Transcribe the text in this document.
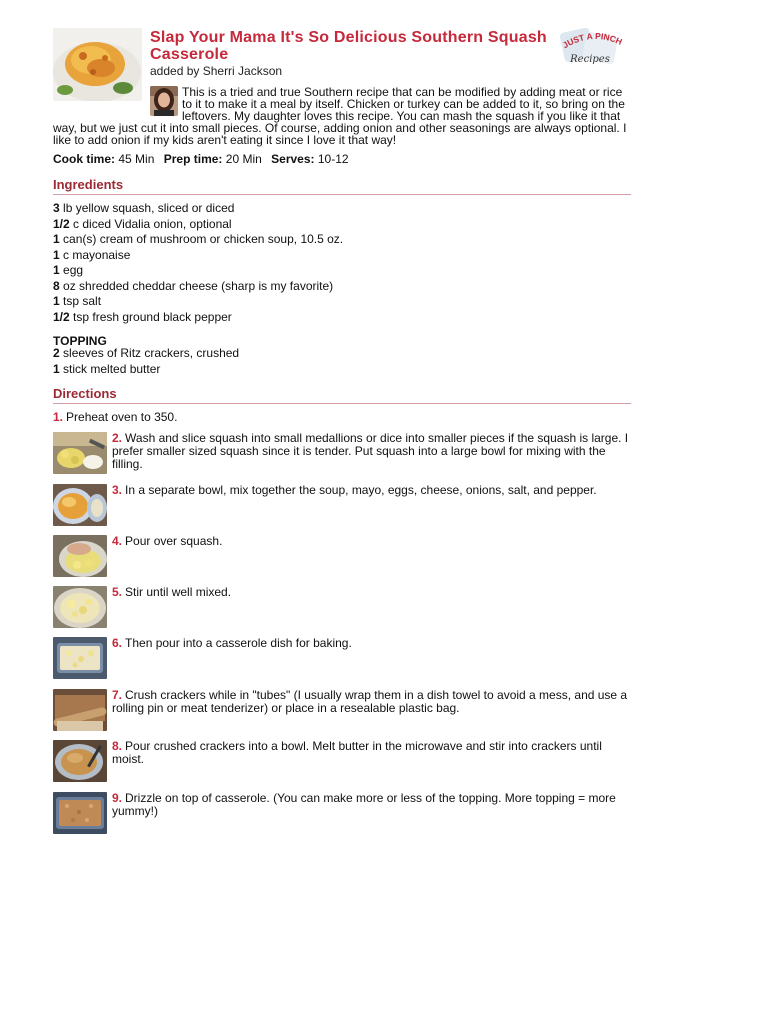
Slap Your Mama It's So Delicious Southern Squash Casserole
JUST A PINCH
Recipes
added by Sherri Jackson
This is a tried and true Southern recipe that can be modified by adding meat or rice to it to make it a meal by itself. Chicken or turkey can be added to it, so bring on the leftovers. My daughter loves this recipe. You can mash the squash if you like it that way, but we just cut it into small pieces. Of course, adding onion and other seasonings are always optional. I like to add onion if my kids aren't eating it since I love it that way!
Cook time: 45 Min Prep time: 20 Min Serves: 10-12
Ingredients
3 lb yellow squash, sliced or diced
1/2 c diced Vidalia onion, optional
1 can(s) cream of mushroom or chicken soup, 10.5 oz.
1 c mayonaise
1 egg
8 oz shredded cheddar cheese (sharp is my favorite)
1 tsp salt
1/2 tsp fresh ground black pepper
TOPPING
2 sleeves of Ritz crackers, crushed
1 stick melted butter
Directions
1. Preheat oven to 350.
2. Wash and slice squash into small medallions or dice into smaller pieces if the squash is large. I prefer smaller sized squash since it is tender. Put squash into a large bowl for mixing with the filling.
3. In a separate bowl, mix together the soup, mayo, eggs, cheese, onions, salt, and pepper.
4. Pour over squash.
5. Stir until well mixed.
6. Then pour into a casserole dish for baking.
7. Crush crackers while in "tubes" (I usually wrap them in a dish towel to avoid a mess, and use a rolling pin or meat tenderizer) or place in a resealable plastic bag.
8. Pour crushed crackers into a bowl. Melt butter in the microwave and stir into crackers until moist.
9. Drizzle on top of casserole. (You can make more or less of the topping. More topping = more yummy!)
